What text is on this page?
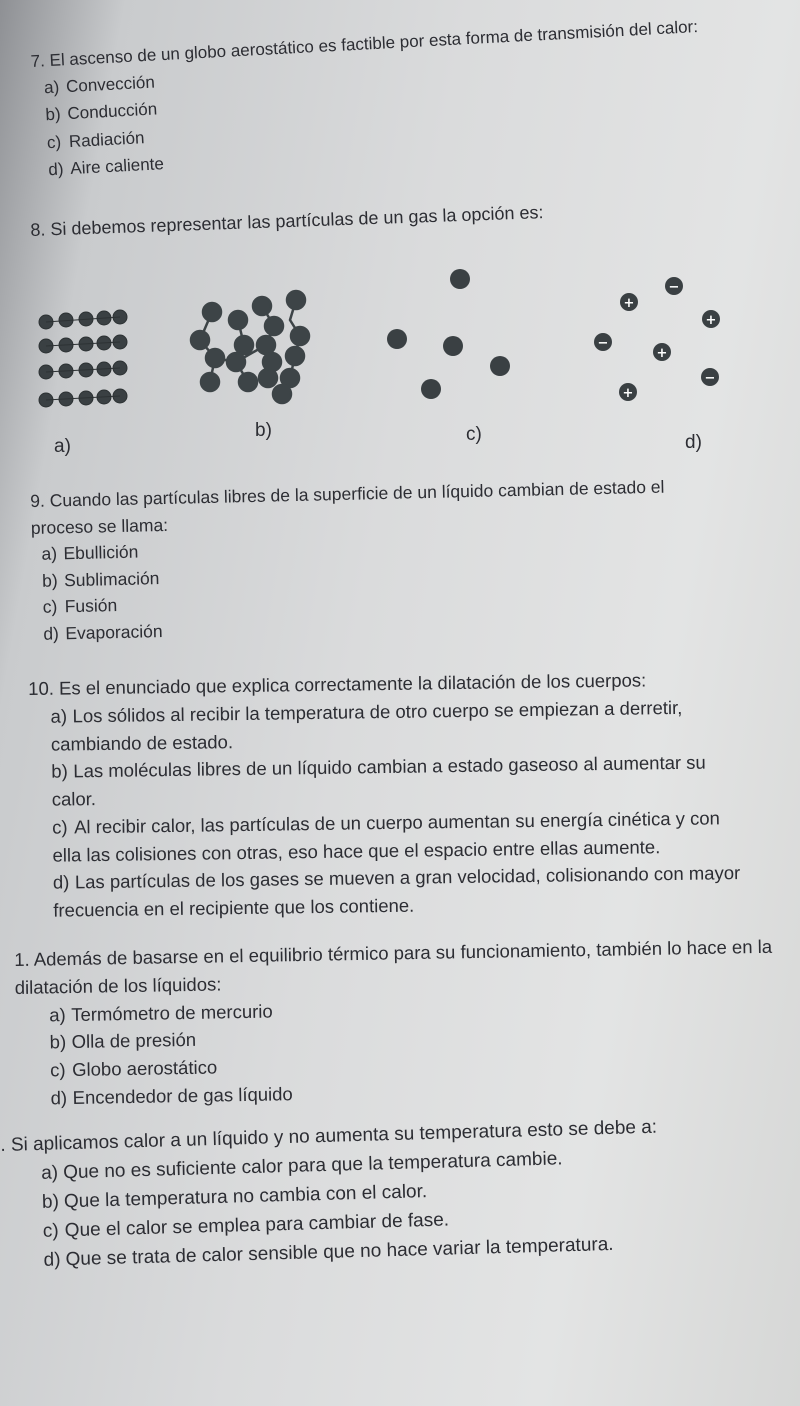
7. El ascenso de un globo aerostático es factible por esta forma de transmisión del calor:
a) Convección
b) Conducción
c) Radiación
d) Aire caliente
8. Si debemos representar las partículas de un gas la opción es:
−
+
+
−
+
−
+
a)
b)	c)	d)
9. Cuando las partículas libres de la superficie de un líquido cambian de estado el proceso se llama:
a) Ebullición
b) Sublimación
c) Fusión
d) Evaporación
10. Es el enunciado que explica correctamente la dilatación de los cuerpos:
a) Los sólidos al recibir la temperatura de otro cuerpo se empiezan a derretir, cambiando de estado.
b) Las moléculas libres de un líquido cambian a estado gaseoso al aumentar su calor.
c) Al recibir calor, las partículas de un cuerpo aumentan su energía cinética y con ella las colisiones con otras, eso hace que el espacio entre ellas aumente.
d) Las partículas de los gases se mueven a gran velocidad, colisionando con mayor frecuencia en el recipiente que los contiene.
1. Además de basarse en el equilibrio térmico para su funcionamiento, también lo hace en la dilatación de los líquidos:
a) Termómetro de mercurio
b) Olla de presión
c) Globo aerostático
d) Encendedor de gas líquido
. Si aplicamos calor a un líquido y no aumenta su temperatura esto se debe a:
a) Que no es suficiente calor para que la temperatura cambie.
b) Que la temperatura no cambia con el calor.
c) Que el calor se emplea para cambiar de fase.
d) Que se trata de calor sensible que no hace variar la temperatura.
